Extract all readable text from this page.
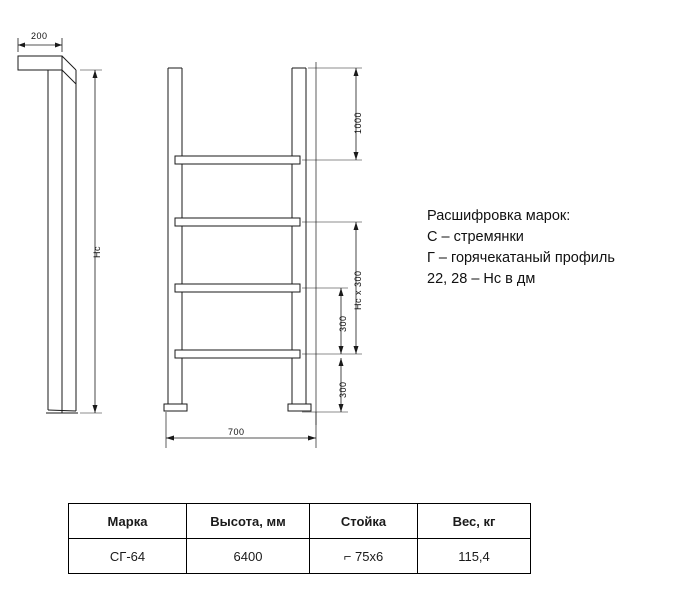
200
Hc
1000
Hc х 300
300
300
700
Расшифровка марок:
С – стремянки
Г – горячекатаный профиль
22, 28 – Hc в дм
Марка	Высота, мм	Стойка	Вес, кг
СГ-64	6400	⌐ 75х6	115,4
